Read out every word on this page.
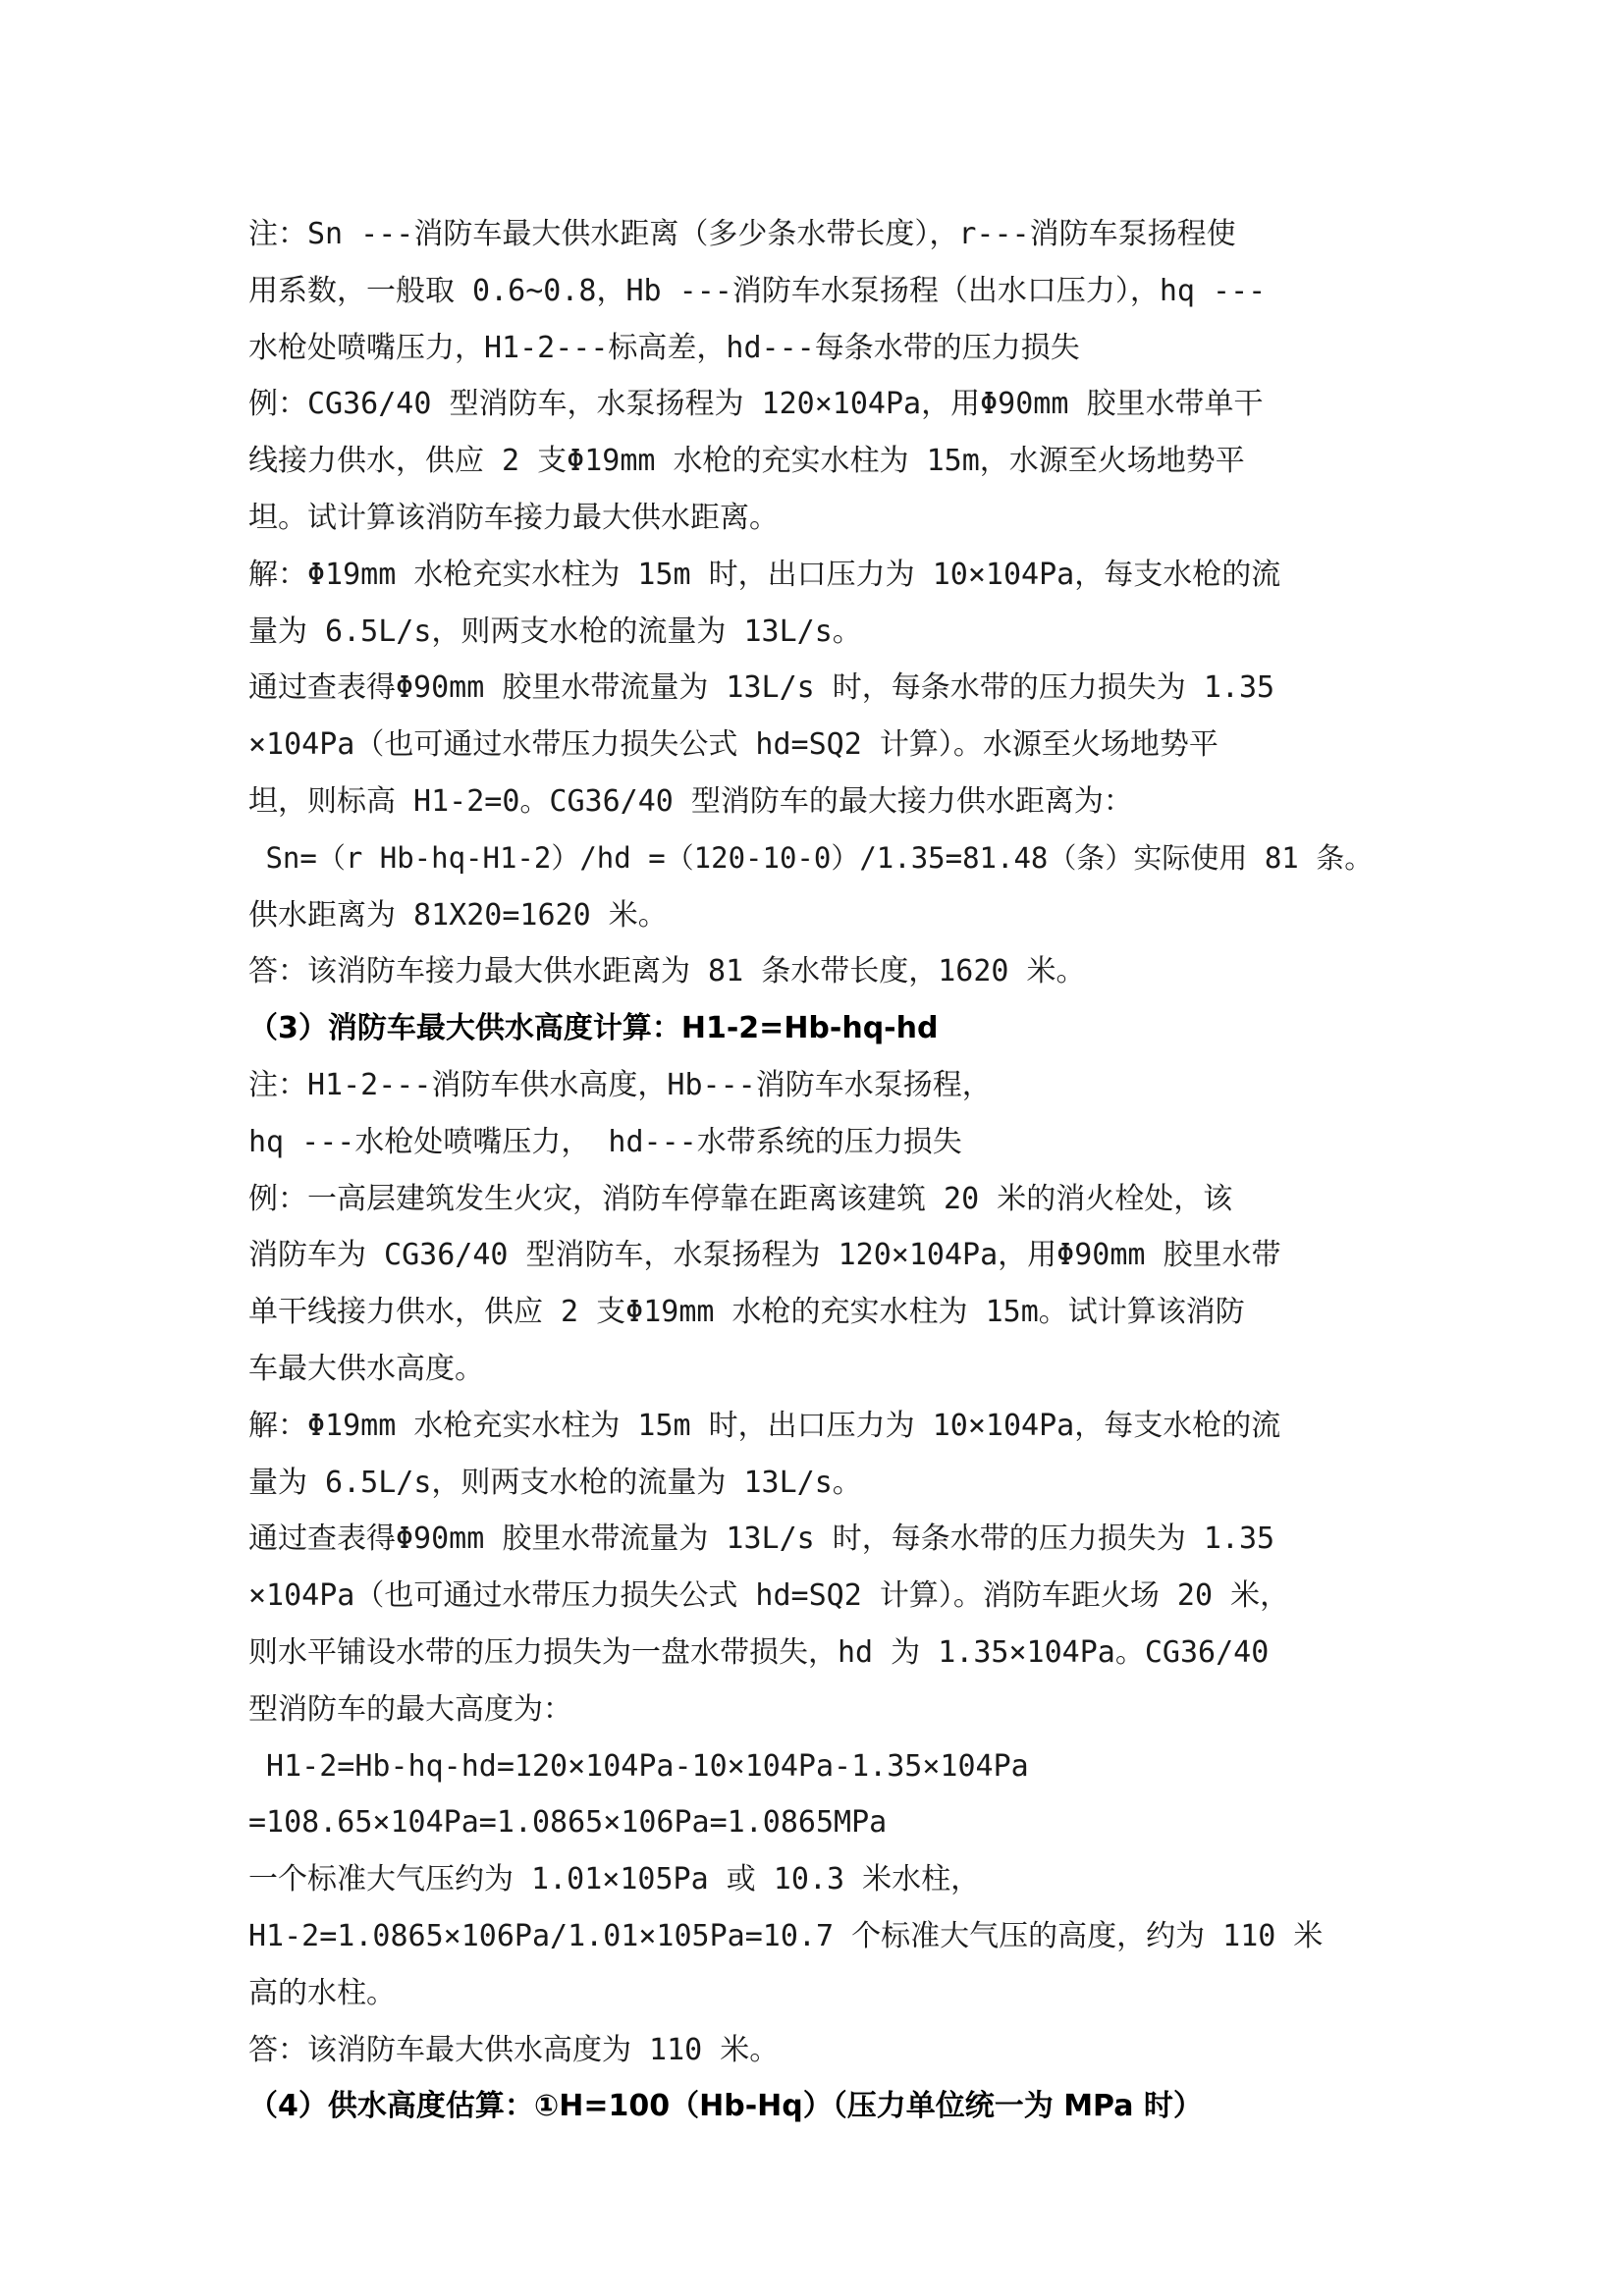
注：Sn ---消防车最大供水距离（多少条水带长度），r---消防车泵扬程使
用系数，一般取 0.6~0.8，Hb ---消防车水泵扬程（出水口压力），hq ---
水枪处喷嘴压力，H1-2---标高差，hd---每条水带的压力损失
例：CG36/40 型消防车，水泵扬程为 120×104Pa，用Φ90mm 胶里水带单干
线接力供水，供应 2 支Φ19mm 水枪的充实水柱为 15m，水源至火场地势平
坦。试计算该消防车接力最大供水距离。
解：Φ19mm 水枪充实水柱为 15m 时，出口压力为 10×104Pa，每支水枪的流
量为 6.5L/s，则两支水枪的流量为 13L/s。
通过查表得Φ90mm 胶里水带流量为 13L/s 时，每条水带的压力损失为 1.35
×104Pa（也可通过水带压力损失公式 hd=SQ2 计算）。水源至火场地势平
坦，则标高 H1-2=0。CG36/40 型消防车的最大接力供水距离为：
Sn=（r Hb-hq-H1-2）/hd =（120-10-0）/1.35=81.48（条）实际使用 81 条。
供水距离为 81X20=1620 米。
答：该消防车接力最大供水距离为 81 条水带长度，1620 米。
（3）消防车最大供水高度计算：H1-2=Hb-hq-hd
注：H1-2---消防车供水高度，Hb---消防车水泵扬程，
hq ---水枪处喷嘴压力， hd---水带系统的压力损失
例：一高层建筑发生火灾，消防车停靠在距离该建筑 20 米的消火栓处，该
消防车为 CG36/40 型消防车，水泵扬程为 120×104Pa，用Φ90mm 胶里水带
单干线接力供水，供应 2 支Φ19mm 水枪的充实水柱为 15m。试计算该消防
车最大供水高度。
解：Φ19mm 水枪充实水柱为 15m 时，出口压力为 10×104Pa，每支水枪的流
量为 6.5L/s，则两支水枪的流量为 13L/s。
通过查表得Φ90mm 胶里水带流量为 13L/s 时，每条水带的压力损失为 1.35
×104Pa（也可通过水带压力损失公式 hd=SQ2 计算）。消防车距火场 20 米，
则水平铺设水带的压力损失为一盘水带损失，hd 为 1.35×104Pa。CG36/40
型消防车的最大高度为：
H1-2=Hb-hq-hd=120×104Pa-10×104Pa-1.35×104Pa
=108.65×104Pa=1.0865×106Pa=1.0865MPa
一个标准大气压约为 1.01×105Pa 或 10.3 米水柱，
H1-2=1.0865×106Pa/1.01×105Pa=10.7 个标准大气压的高度，约为 110 米
高的水柱。
答：该消防车最大供水高度为 110 米。
（4）供水高度估算：①H=100（Hb-Hq）（压力单位统一为 MPa 时）
